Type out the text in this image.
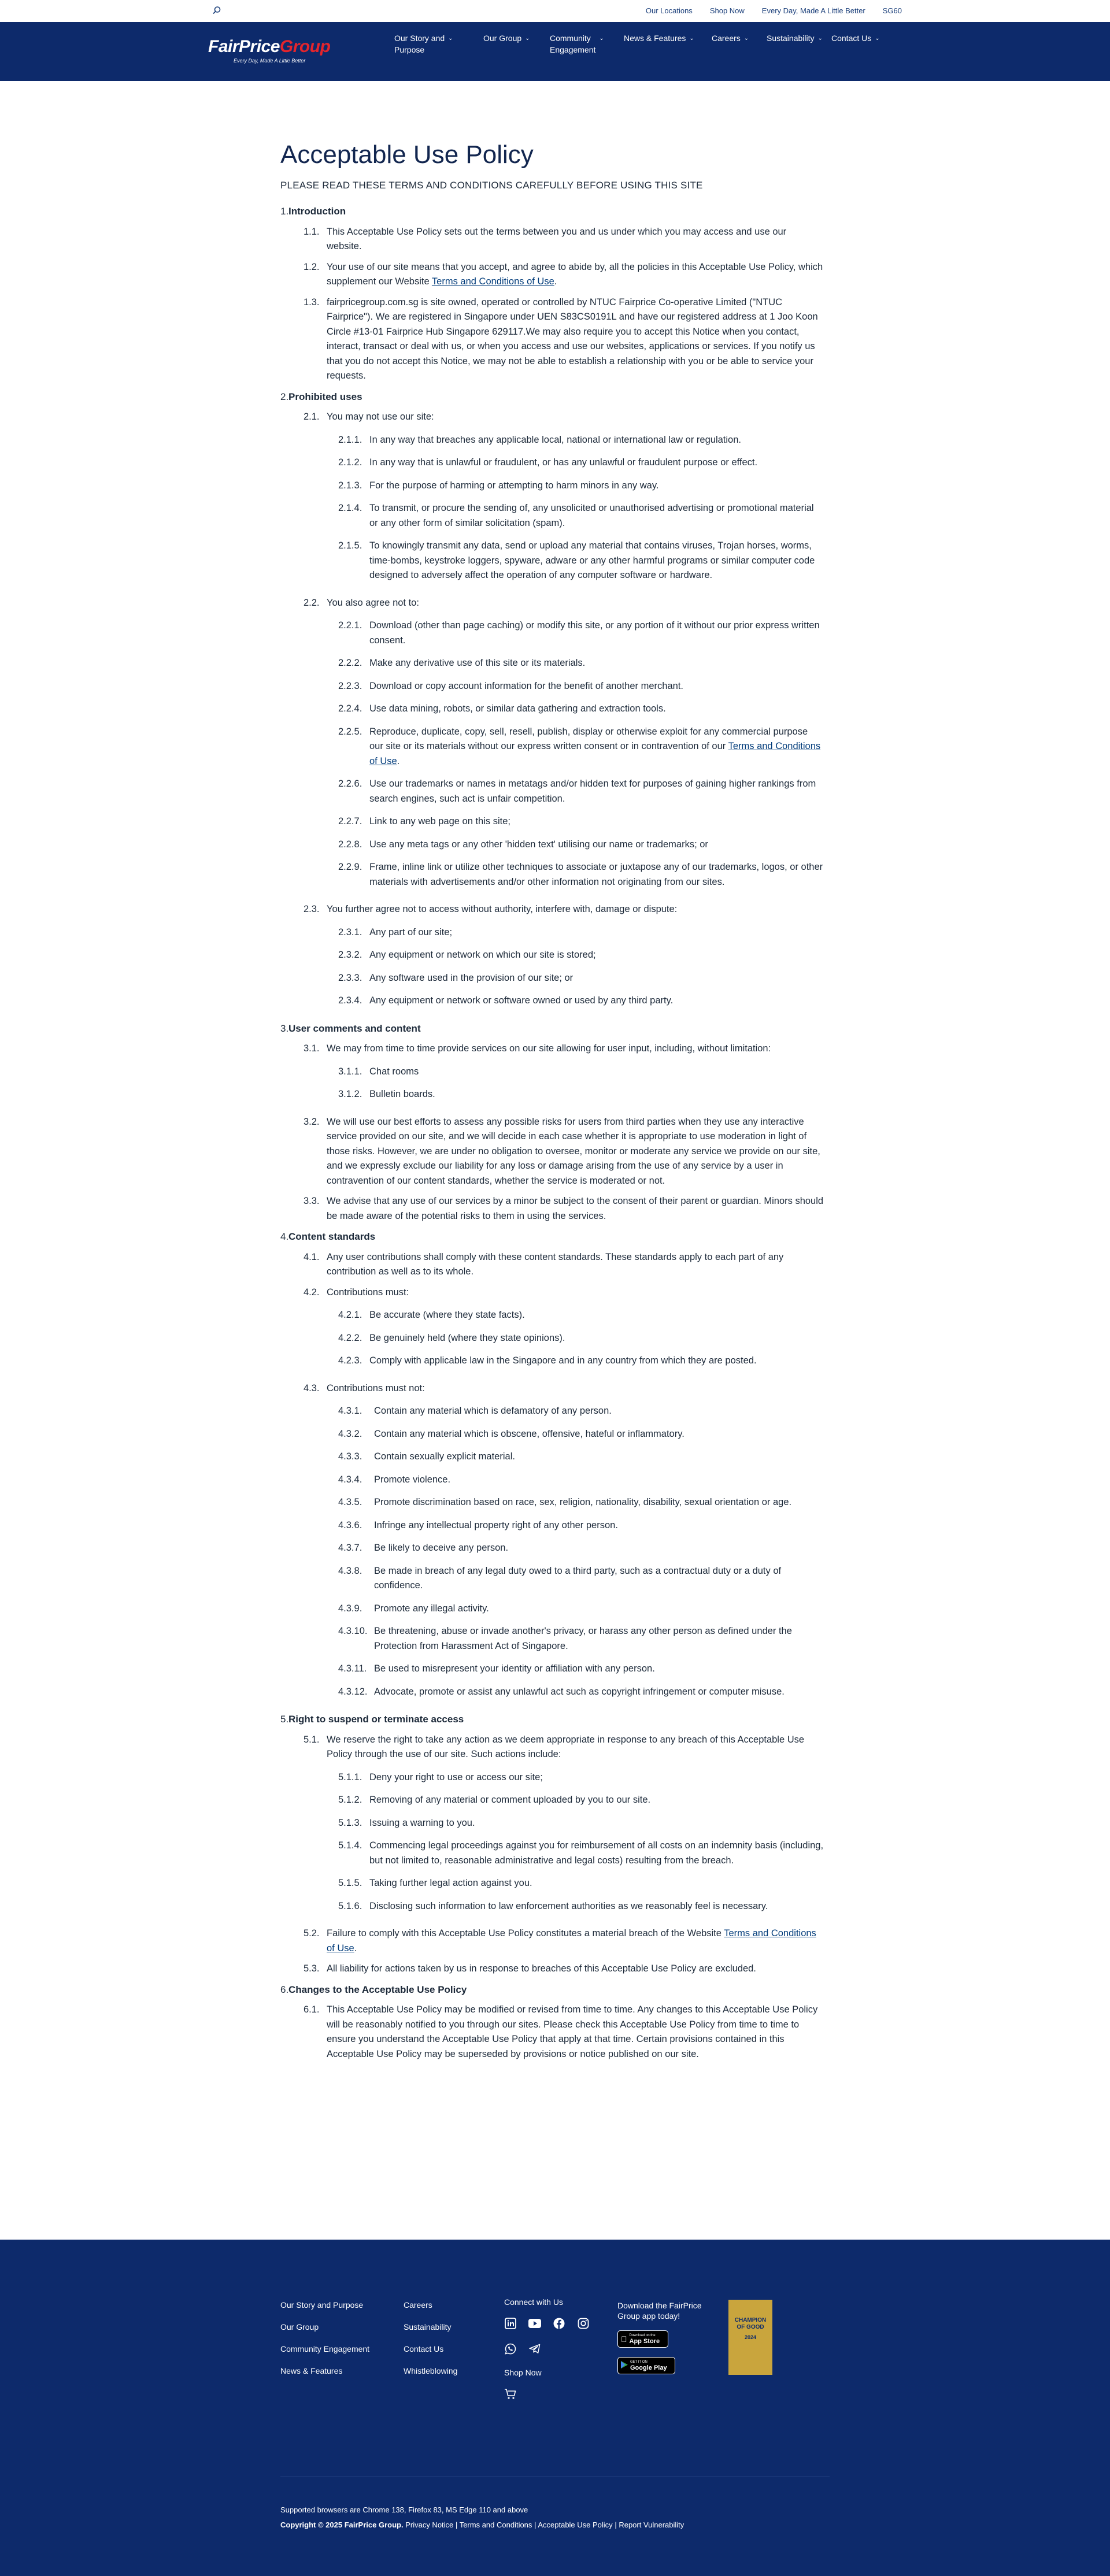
Our Locations Shop Now Every Day, Made A Little Better SG60
FairPriceGroup
Every Day, Made A Little Better
Our Story and
Purpose
⌄	Our Group ⌄ Community
Engagement
⌄ News & Features ⌄ Careers ⌄ Sustainability ⌄ Contact Us ⌄
Acceptable Use Policy

PLEASE READ THESE TERMS AND CONDITIONS CAREFULLY BEFORE USING THIS SITE

1. Introduction
1.1. This Acceptable Use Policy sets out the terms between you and us under which you may access and use our website.
1.2. Your use of our site means that you accept, and agree to abide by, all the policies in this Acceptable Use Policy, which supplement our Website Terms and Conditions of Use.
1.3. fairpricegroup.com.sg is site owned, operated or controlled by NTUC Fairprice Co-operative Limited ("NTUC Fairprice"). We are registered in Singapore under UEN S83CS0191L and have our registered address at 1 Joo Koon Circle #13-01 Fairprice Hub Singapore 629117.We may also require you to accept this Notice when you contact, interact, transact or deal with us, or when you access and use our websites, applications or services. If you notify us that you do not accept this Notice, we may not be able to establish a relationship with you or be able to service your requests.
2. Prohibited uses
2.1. You may not use our site:
2.1.1. In any way that breaches any applicable local, national or international law or regulation.
2.1.2. In any way that is unlawful or fraudulent, or has any unlawful or fraudulent purpose or effect.
2.1.3. For the purpose of harming or attempting to harm minors in any way.
2.1.4. To transmit, or procure the sending of, any unsolicited or unauthorised advertising or promotional material or any other form of similar solicitation (spam).
2.1.5. To knowingly transmit any data, send or upload any material that contains viruses, Trojan horses, worms, time-bombs, keystroke loggers, spyware, adware or any other harmful programs or similar computer code designed to adversely affect the operation of any computer software or hardware.
2.2. You also agree not to:
2.2.1. Download (other than page caching) or modify this site, or any portion of it without our prior express written consent.
2.2.2. Make any derivative use of this site or its materials.
2.2.3. Download or copy account information for the benefit of another merchant.
2.2.4. Use data mining, robots, or similar data gathering and extraction tools.
2.2.5. Reproduce, duplicate, copy, sell, resell, publish, display or otherwise exploit for any commercial purpose our site or its materials without our express written consent or in contravention of our Terms and Conditions of Use.
2.2.6. Use our trademarks or names in metatags and/or hidden text for purposes of gaining higher rankings from search engines, such act is unfair competition.
2.2.7. Link to any web page on this site;
2.2.8. Use any meta tags or any other 'hidden text' utilising our name or trademarks; or
2.2.9. Frame, inline link or utilize other techniques to associate or juxtapose any of our trademarks, logos, or other materials with advertisements and/or other information not originating from our sites.
2.3. You further agree not to access without authority, interfere with, damage or dispute:
2.3.1. Any part of our site;
2.3.2. Any equipment or network on which our site is stored;
2.3.3. Any software used in the provision of our site; or
2.3.4. Any equipment or network or software owned or used by any third party.
3. User comments and content
3.1. We may from time to time provide services on our site allowing for user input, including, without limitation:
3.1.1. Chat rooms
3.1.2. Bulletin boards.
3.2. We will use our best efforts to assess any possible risks for users from third parties when they use any interactive service provided on our site, and we will decide in each case whether it is appropriate to use moderation in light of those risks. However, we are under no obligation to oversee, monitor or moderate any service we provide on our site, and we expressly exclude our liability for any loss or damage arising from the use of any service by a user in contravention of our content standards, whether the service is moderated or not.
3.3. We advise that any use of our services by a minor be subject to the consent of their parent or guardian. Minors should be made aware of the potential risks to them in using the services.
4. Content standards
4.1. Any user contributions shall comply with these content standards. These standards apply to each part of any contribution as well as to its whole.
4.2. Contributions must:
4.2.1. Be accurate (where they state facts).
4.2.2. Be genuinely held (where they state opinions).
4.2.3. Comply with applicable law in the Singapore and in any country from which they are posted.
4.3. Contributions must not:
4.3.1.	Contain any material which is defamatory of any person.
4.3.2.	Contain any material which is obscene, offensive, hateful or inflammatory.
4.3.3.	Contain sexually explicit material.
4.3.4.	Promote violence.
4.3.5.	Promote discrimination based on race, sex, religion, nationality, disability, sexual orientation or age.
4.3.6.	Infringe any intellectual property right of any other person.
4.3.7.	Be likely to deceive any person.
4.3.8.	Be made in breach of any legal duty owed to a third party, such as a contractual duty or a duty of confidence.
4.3.9.	Promote any illegal activity.
4.3.10. Be threatening, abuse or invade another's privacy, or harass any other person as defined under the Protection from Harassment Act of Singapore.
4.3.11. Be used to misrepresent your identity or affiliation with any person.
4.3.12. Advocate, promote or assist any unlawful act such as copyright infringement or computer misuse.
5. Right to suspend or terminate access
5.1. We reserve the right to take any action as we deem appropriate in response to any breach of this Acceptable Use Policy through the use of our site. Such actions include:
5.1.1. Deny your right to use or access our site;
5.1.2. Removing of any material or comment uploaded by you to our site.
5.1.3. Issuing a warning to you.
5.1.4. Commencing legal proceedings against you for reimbursement of all costs on an indemnity basis (including, but not limited to, reasonable administrative and legal costs) resulting from the breach.
5.1.5. Taking further legal action against you.
5.1.6. Disclosing such information to law enforcement authorities as we reasonably feel is necessary.
5.2. Failure to comply with this Acceptable Use Policy constitutes a material breach of the Website Terms and Conditions of Use.
5.3. All liability for actions taken by us in response to breaches of this Acceptable Use Policy are excluded.
6. Changes to the Acceptable Use Policy
6.1. This Acceptable Use Policy may be modified or revised from time to time. Any changes to this Acceptable Use Policy will be reasonably notified to you through our sites. Please check this Acceptable Use Policy from time to time to ensure you understand the Acceptable Use Policy that apply at that time. Certain provisions contained in this Acceptable Use Policy may be superseded by provisions or notice published on our site.
Our Story and Purpose
Our Group
Community Engagement
News & Features
Careers
Sustainability
Contact Us
Whistleblowing
Connect with Us
Shop Now
Download the FairPrice
Group app today!
Download on the
App Store
GET IT ON
Google Play
CHAMPION
OF GOOD
2024
Supported browsers are Chrome 138, Firefox 83, MS Edge 110 and above
Copyright © 2025 FairPrice Group. Privacy Notice | Terms and Conditions | Acceptable Use Policy | Report Vulnerability
